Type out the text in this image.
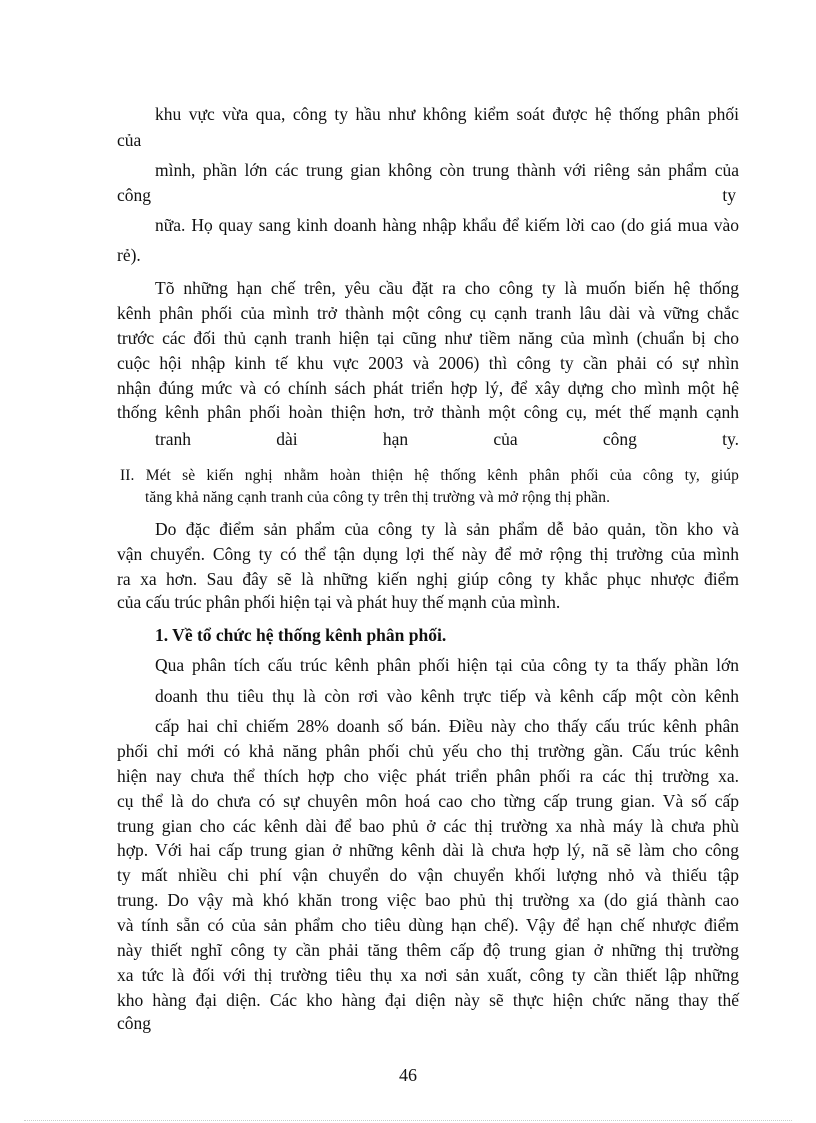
khu vực vừa qua, công ty hầu như không kiểm soát được hệ thống phân phối
của
mình, phần lớn các trung gian không còn trung thành với riêng sản phẩm của
công	ty
nữa. Họ quay sang kinh doanh hàng nhập khẩu để kiếm lời cao (do giá mua vào
rẻ).
Tõ những hạn chế trên, yêu cầu đặt ra cho công ty là muốn biến hệ thống
kênh phân phối của mình trở thành một công cụ cạnh tranh lâu dài và vững chắc
trước các đối thủ cạnh tranh hiện tại cũng như tiềm năng của mình (chuẩn bị cho
cuộc hội nhập kinh tế khu vực 2003 và 2006) thì công ty cần phải có sự nhìn
nhận đúng mức và có chính sách phát triển hợp lý, để xây dựng cho mình một hệ
thống kênh phân phối hoàn thiện hơn, trở thành một công cụ, mét thế mạnh cạnh
tranh	dài	hạn	của	công	ty.
II. Mét sè kiến nghị nhằm hoàn thiện hệ thống kênh phân phối của công ty, giúp
tăng khả năng cạnh tranh của công ty trên thị trường và mở rộng thị phần.
Do đặc điểm sản phẩm của công ty là sản phẩm dễ bảo quản, tồn kho và
vận chuyển. Công ty có thể tận dụng lợi thế này để mở rộng thị trường của mình
ra xa hơn. Sau đây sẽ là những kiến nghị giúp công ty khắc phục nhược điểm
của cấu trúc phân phối hiện tại và phát huy thế mạnh của mình.
1. Về tổ chức hệ thống kênh phân phối.
Qua phân tích cấu trúc kênh phân phối hiện tại của công ty ta thấy phần lớn
doanh thu tiêu thụ là còn rơi vào kênh trực tiếp và kênh cấp một còn kênh
cấp hai chỉ chiếm 28% doanh số bán. Điều này cho thấy cấu trúc kênh phân
phối chỉ mới có khả năng phân phối chủ yếu cho thị trường gần. Cấu trúc kênh
hiện nay chưa thể thích hợp cho việc phát triển phân phối ra các thị trường xa.
cụ thể là do chưa có sự chuyên môn hoá cao cho từng cấp trung gian. Và số cấp
trung gian cho các kênh dài để bao phủ ở các thị trường xa nhà máy là chưa phù
hợp. Với hai cấp trung gian ở những kênh dài là chưa hợp lý, nã sẽ làm cho công
ty mất nhiều chi phí vận chuyển do vận chuyển khối lượng nhỏ và thiếu tập
trung. Do vậy mà khó khăn trong việc bao phủ thị trường xa (do giá thành cao
và tính sẵn có của sản phẩm cho tiêu dùng hạn chế). Vậy để hạn chế nhược điểm
này thiết nghĩ công ty cần phải tăng thêm cấp độ trung gian ở những thị trường
xa tức là đối với thị trường tiêu thụ xa nơi sản xuất, công ty cần thiết lập những
kho hàng đại diện. Các kho hàng đại diện này sẽ thực hiện chức năng thay thế
công
46
